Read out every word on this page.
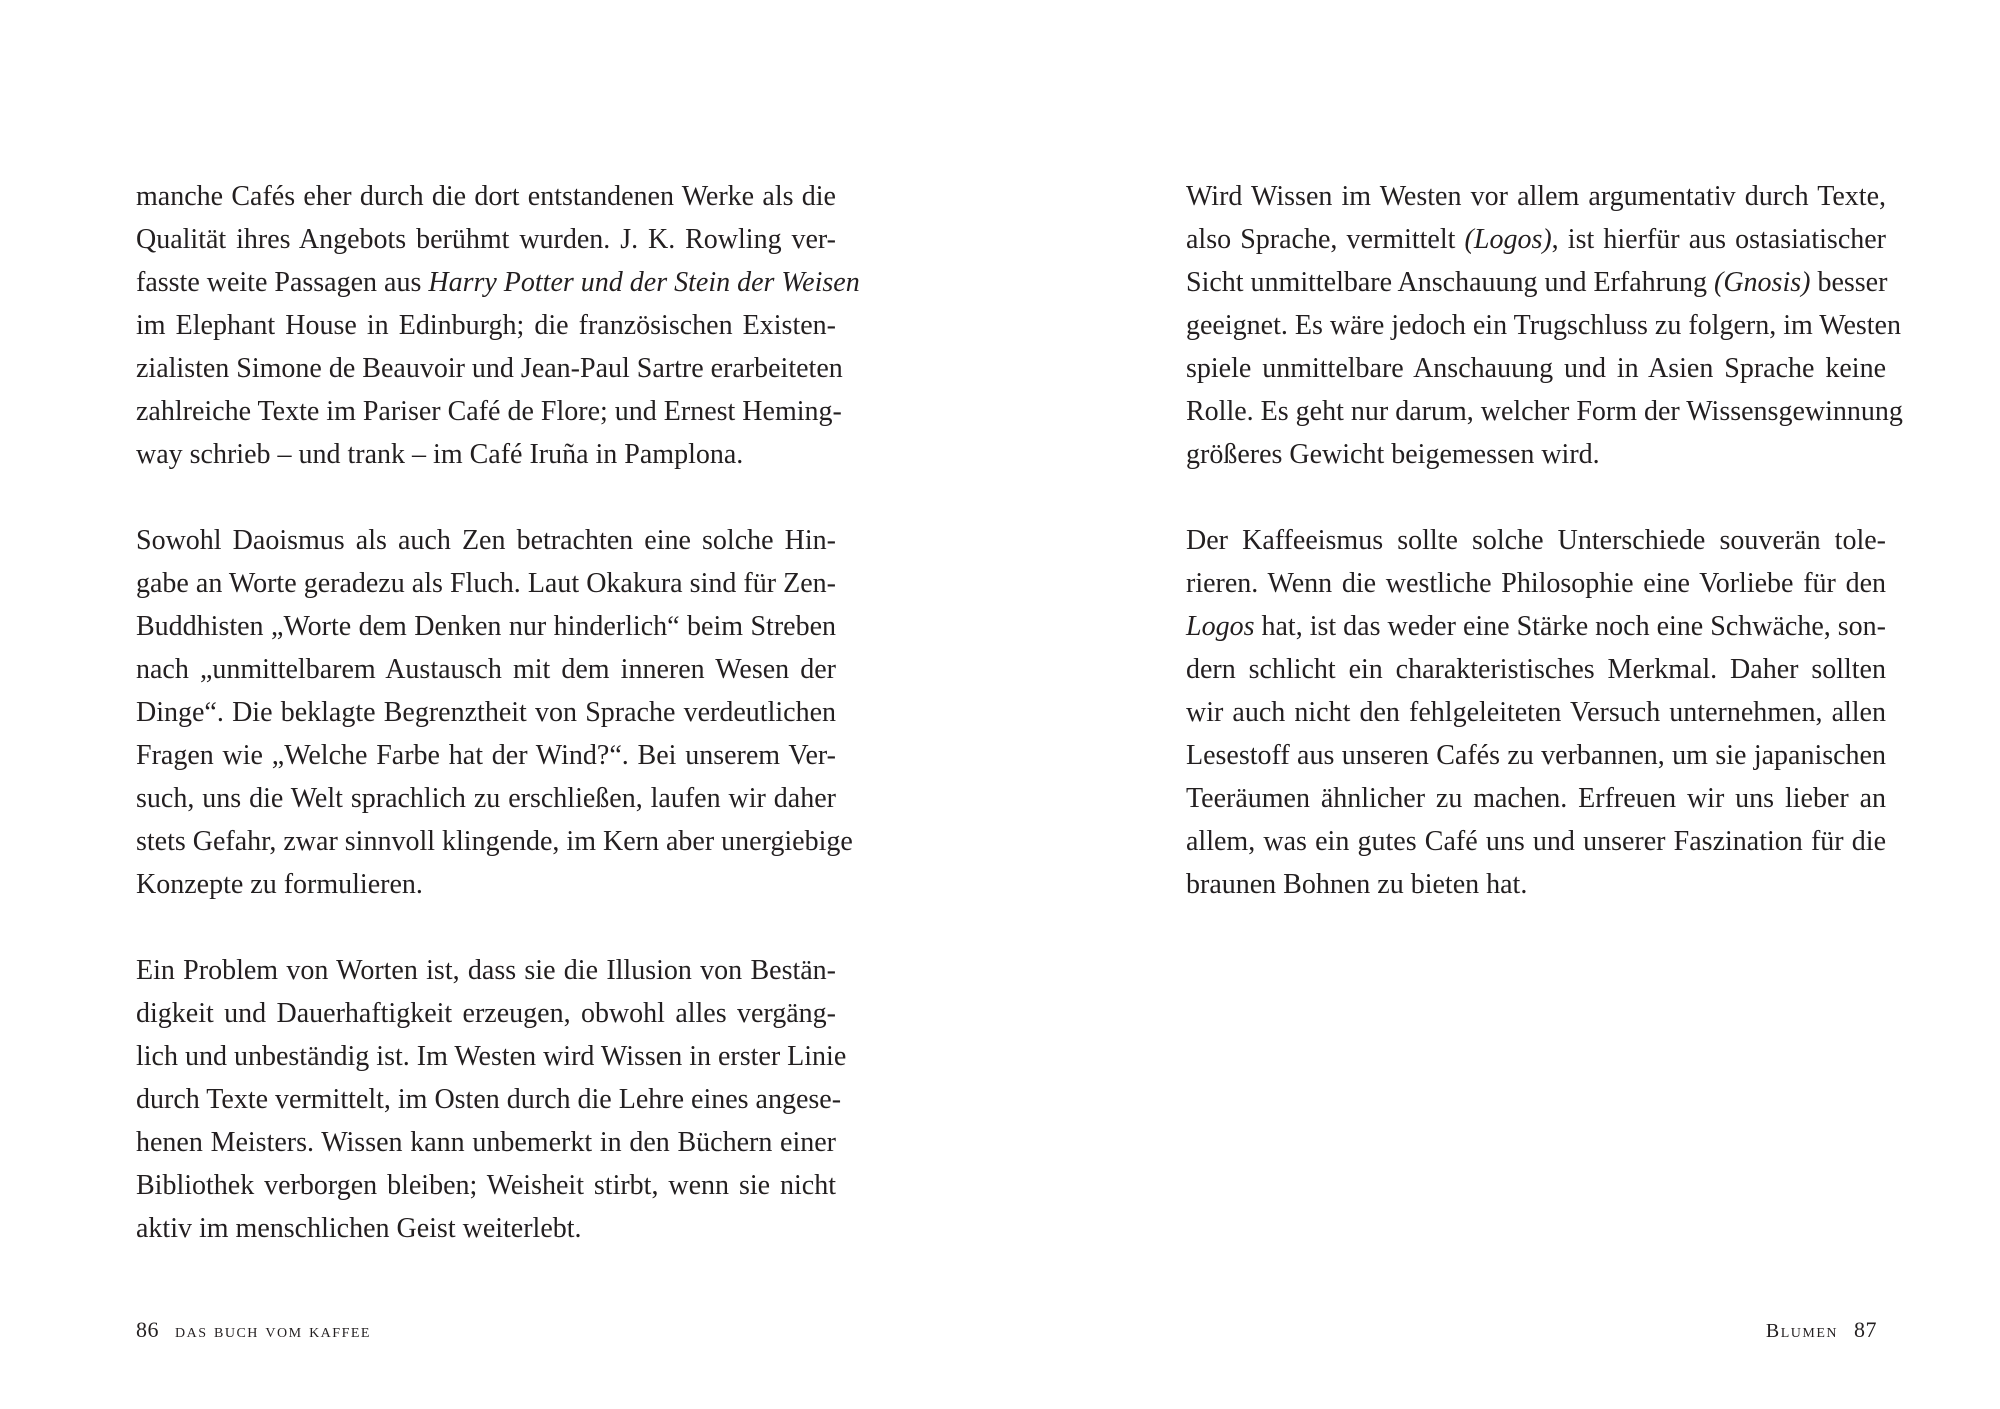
manche Cafés eher durch die dort entstandenen Werke als die
Qualität ihres Angebots berühmt wurden. J. K. Rowling ver-
fasste weite Passagen aus Harry Potter und der Stein der Weisen
im Elephant House in Edinburgh; die französischen Existen-
zialisten Simone de Beauvoir und Jean-Paul Sartre erarbeiteten
zahlreiche Texte im Pariser Café de Flore; und Ernest Heming-
way schrieb – und trank – im Café Iruña in Pamplona.

Sowohl Daoismus als auch Zen betrachten eine solche Hin-
gabe an Worte geradezu als Fluch. Laut Okakura sind für Zen-
Buddhisten „Worte dem Denken nur hinderlich“ beim Streben
nach „unmittelbarem Austausch mit dem inneren Wesen der
Dinge“. Die beklagte Begrenztheit von Sprache verdeutlichen
Fragen wie „Welche Farbe hat der Wind?“. Bei unserem Ver-
such, uns die Welt sprachlich zu erschließen, laufen wir daher
stets Gefahr, zwar sinnvoll klingende, im Kern aber unergiebige
Konzepte zu formulieren.

Ein Problem von Worten ist, dass sie die Illusion von Bestän-
digkeit und Dauerhaftigkeit erzeugen, obwohl alles vergäng-
lich und unbeständig ist. Im Westen wird Wissen in erster Linie
durch Texte vermittelt, im Osten durch die Lehre eines angese-
henen Meisters. Wissen kann unbemerkt in den Büchern einer
Bibliothek verborgen bleiben; Weisheit stirbt, wenn sie nicht
aktiv im menschlichen Geist weiterlebt.

86 das buch vom kaffee

Wird Wissen im Westen vor allem argumentativ durch Texte,
also Sprache, vermittelt (Logos), ist hierfür aus ostasiatischer
Sicht unmittelbare Anschauung und Erfahrung (Gnosis) besser
geeignet. Es wäre jedoch ein Trugschluss zu folgern, im Westen
spiele unmittelbare Anschauung und in Asien Sprache keine
Rolle. Es geht nur darum, welcher Form der Wissensgewinnung
größeres Gewicht beigemessen wird.

Der Kaffeeismus sollte solche Unterschiede souverän tole-
rieren. Wenn die westliche Philosophie eine Vorliebe für den
Logos hat, ist das weder eine Stärke noch eine Schwäche, son-
dern schlicht ein charakteristisches Merkmal. Daher sollten
wir auch nicht den fehlgeleiteten Versuch unternehmen, allen
Lesestoff aus unseren Cafés zu verbannen, um sie japanischen
Teeräumen ähnlicher zu machen. Erfreuen wir uns lieber an
allem, was ein gutes Café uns und unserer Faszination für die
braunen Bohnen zu bieten hat.

Blumen 87
